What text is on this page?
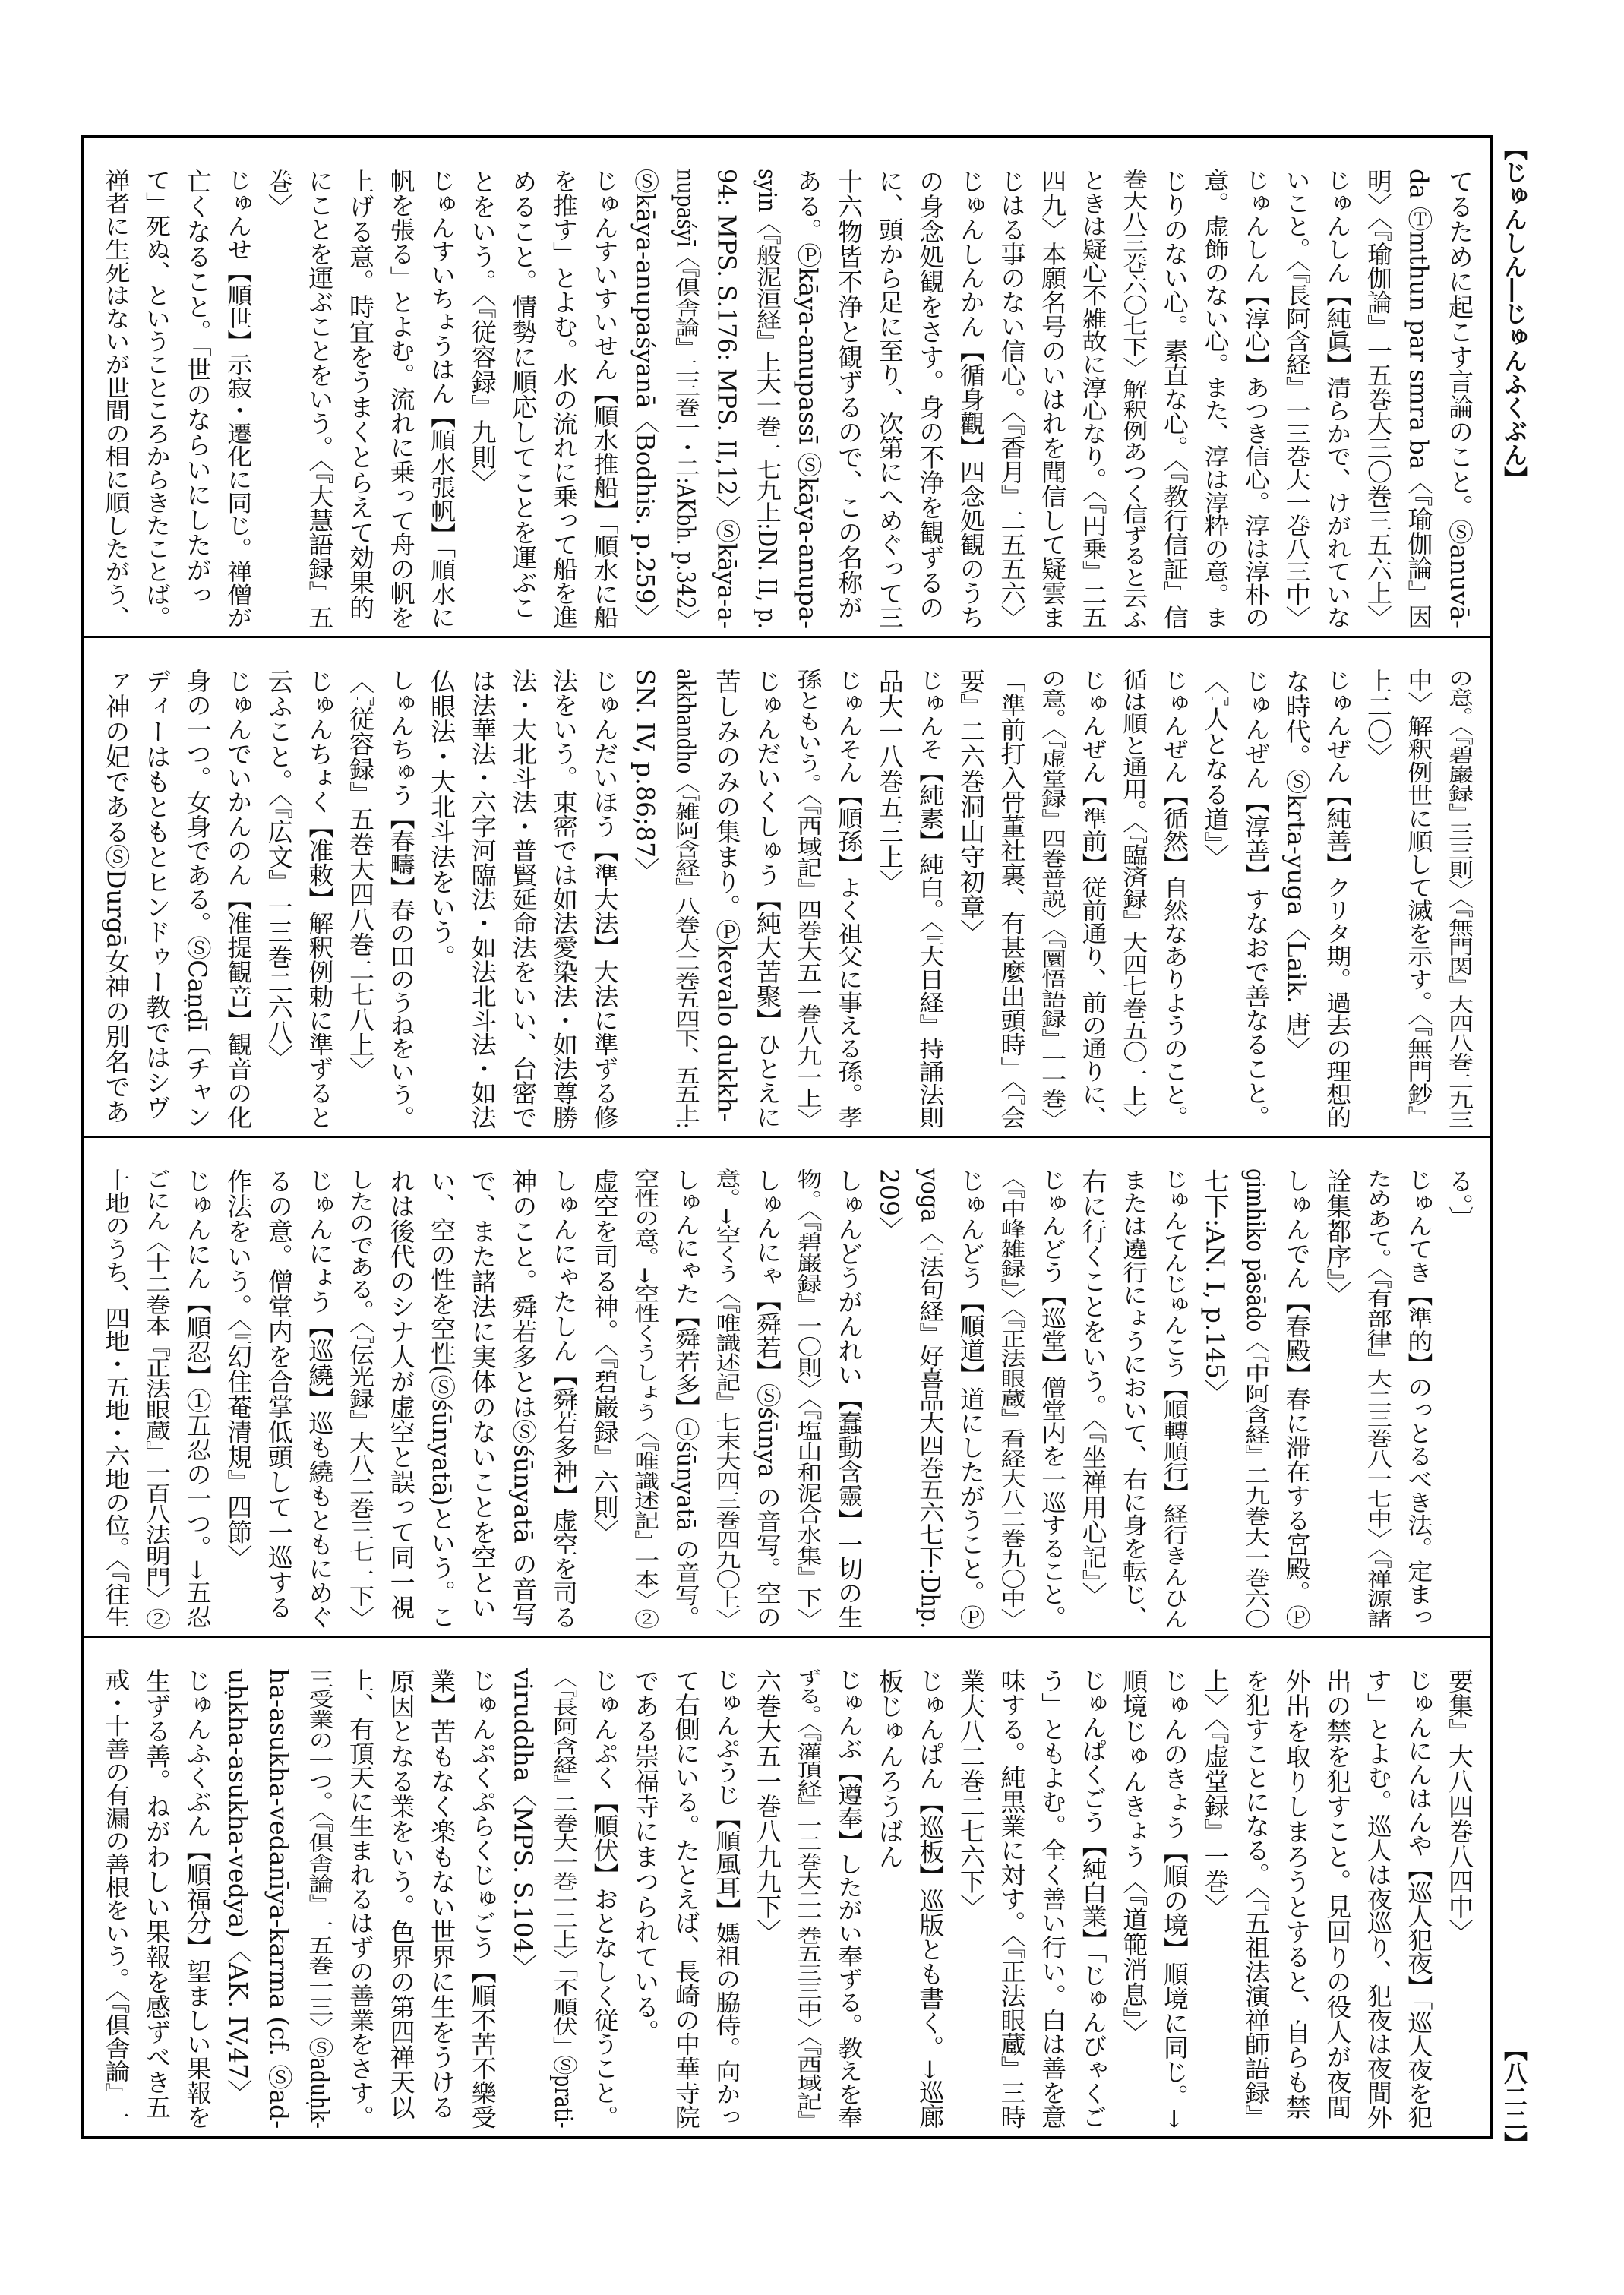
【じゅんしん―じゅんふくぶん】
【八二二】
てるために起こす言論のこと。Ⓢanuvā-
da Ⓣmthun par smra ba〈『瑜伽論』因
明〉〈『瑜伽論』一五巻大三〇巻三五六上〉
じゅんしん【純眞】清らかで、けがれていな
いこと。〈『長阿含経』一三巻大一巻八三中〉
じゅんしん【淳心】あつき信心。淳は淳朴の
意。虚飾のない心。また、淳は淳粋の意。ま
じりのない心。素直な心。〈『教行信証』信
巻大八三巻六〇七下〉解釈例あつく信ずると云ふ
ときは疑心不雑故に淳心なり。〈『円乗』二五
四九〉本願名号のいはれを聞信して疑雲ま
じはる事のない信心。〈『香月』二五五六〉
じゅんしんかん【循身觀】四念処観のうち
の身念処観をさす。身の不浄を観ずるの
に、頭から足に至り、次第にへめぐって三
十六物皆不浄と観ずるので、この名称が
ある。Ⓟkāya-anupassī Ⓢkāya-anupa-
syin〈『般泥洹経』上大一巻一七九上:DN. II, p.
94: MPS. S.176: MPS. II,12〉Ⓢkāya-a-
nupaśyī〈『倶舎論』二三巻一・二:AKbh. p.342〉
Ⓢkāya-anupaśyanā〈Bodhis. p.259〉
じゅんすいすいせん【順水推船】「順水に船
を推す」とよむ。水の流れに乗って船を進
めること。情勢に順応してことを運ぶこ
とをいう。〈『従容録』九則〉
じゅんすいちょうはん【順水張帆】「順水に
帆を張る」とよむ。流れに乗って舟の帆を
上げる意。時宜をうまくとらえて効果的
にことを運ぶことをいう。〈『大慧語録』五
巻〉
じゅんせ【順世】示寂・遷化に同じ。禅僧が
亡くなること。「世のならいにしたがっ
て」死ぬ、ということころからきたことば。
禅者に生死はないが世間の相に順したがう、
の意。〈『碧巌録』三三則〉〈『無門関』大四八巻二九三
中〉解釈例世に順して滅を示す。〈『無門鈔』
上二〇〉
じゅんぜん【純善】クリタ期。過去の理想的
な時代。Ⓢkrta-yuga〈Laik. 唐〉
じゅんぜん【淳善】すなおで善なること。
〈『人となる道』〉
じゅんぜん【循然】自然なありようのこと。
循は順と通用。〈『臨済録』大四七巻五〇一上〉
じゅんぜん【準前】従前通り、前の通りに、
の意。〈『虚堂録』四巻普説〉〈『圜悟語録』一一巻〉
「準前打入骨董社裏、有甚麼出頭時」〈『会
要』二六巻洞山守初章〉
じゅんそ【純素】純白。〈『大日経』持誦法則
品大一八巻五三上〉
じゅんそん【順孫】よく祖父に事える孫。孝
孫ともいう。〈『西域記』四巻大五一巻八九一上〉
じゅんだいくしゅう【純大苦聚】ひとえに
苦しみのみの集まり。Ⓟkevalo dukkh-
akkhandho〈『雑阿含経』八巻大二巻五四下、五五上:
SN. IV, p.86;87〉
じゅんだいほう【準大法】大法に準ずる修
法をいう。東密では如法愛染法・如法尊勝
法・大北斗法・普賢延命法をいい、台密で
は法華法・六字河臨法・如法北斗法・如法
仏眼法・大北斗法をいう。
しゅんちゅう【春疇】春の田のうねをいう。
〈『従容録』五巻大四八巻二七八上〉
じゅんちょく【准敕】解釈例勅に準ずると
云ふこと。〈『広文』一三巻二六八〉
じゅんでいかんのん【准提観音】観音の化
身の一つ。女身である。ⓈCaṇḍī〔チャン
ディーはもともとヒンドゥー教ではシヴ
ァ神の妃であるⓈDurgā女神の別名であ
る。〕
じゅんてき【準的】のっとるべき法。定まっ
ためあて。〈『有部律』大二三巻八一七中〉〈『禅源諸
詮集都序』〉
しゅんでん【春殿】春に滞在する宮殿。Ⓟ
gimhiko pāsādo〈『中阿含経』二九巻大一巻六〇
七下:AN. I, p.145〉
じゅんてんじゅんこう【順轉順行】経行きんひん
または遶行にょうにおいて、右に身を転じ、
右に行くことをいう。〈『坐禅用心記』〉
じゅんどう【巡堂】僧堂内を一巡すること。
〈『中峰雑録』〉〈『正法眼蔵』看経大八二巻九〇中〉
じゅんどう【順道】道にしたがうこと。Ⓟ
yoga〈『法句経』好喜品大四巻五六七下:Dhp.
209〉
しゅんどうがんれい【蠢動含靈】一切の生
物。〈『碧巌録』一〇則〉〈『塩山和泥合水集』下〉
しゅんにゃ【舜若】Ⓢśūnya の音写。空の
意。→空くう〈『唯識述記』七末大四三巻四九〇上〉
しゅんにゃた【舜若多】①śūnyatā の音写。
空性の意。→空性くうしょう〈『唯識述記』一本〉②
虚空を司る神。〈『碧巌録』六則〉
しゅんにゃたしん【舜若多神】虚空を司る
神のこと。舜若多とはⓈśūnyatā の音写
で、また諸法に実体のないことを空とい
い、空の性を空性(Ⓢśūnyatā)という。こ
れは後代のシナ人が虚空と誤って同一視
したのである。〈『伝光録』大八二巻三七一下〉
じゅんにょう【巡繞】巡も繞もともにめぐ
るの意。僧堂内を合掌低頭して一巡する
作法をいう。〈『幻住菴清規』四節〉
じゅんにん【順忍】①五忍の一つ。→五忍
ごにん〈十二巻本『正法眼蔵』一百八法明門〉②
十地のうち、四地・五地・六地の位。〈『往生
要集』大八四巻八四中〉
じゅんにんはんや【巡人犯夜】「巡人夜を犯
す」とよむ。巡人は夜巡り、犯夜は夜間外
出の禁を犯すこと。見回りの役人が夜間
外出を取りしまろうとすると、自らも禁
を犯すことになる。〈『五祖法演禅師語録』
上〉〈『虚堂録』一巻〉
じゅんのきょう【順の境】順境に同じ。→
順境じゅんきょう〈『道範消息』〉
じゅんぱくごう【純白業】「じゅんびゃくご
う」ともよむ。全く善い行い。白は善を意
味する。純黒業に対す。〈『正法眼蔵』三時
業大八二巻二七六下〉
じゅんぱん【巡板】巡版とも書く。→巡廊
板じゅんろうばん
じゅんぶ【遵奉】したがい奉ずる。教えを奉
ずる。〈『灌頂経』一二巻大二一巻五三三中〉〈『西域記』
六巻大五一巻八九九下〉
じゅんぷうじ【順風耳】媽祖の脇侍。向かっ
て右側にいる。たとえば、長崎の中華寺院
である崇福寺にまつられている。
じゅんぷく【順伏】おとなしく従うこと。
〈『長阿含経』二巻大一巻一二上〉「不順伏」Ⓢprati-
viruddha〈MPS. S.104〉
じゅんぷくぷらくじゅごう【順不苦不樂受
業】苦もなく楽もない世界に生をうける
原因となる業をいう。色界の第四禅天以
上、有頂天に生まれるはずの善業をさす。
三受業の一つ。〈『倶舎論』一五巻一三〉Ⓢaduḥk-
ha-asukha-vedanīya-karma (cf. Ⓢad-
uḥkha-asukha-vedya)〈AK. IV,47〉
じゅんふくぶん【順福分】望ましい果報を
生ずる善。ねがわしい果報を感ずべき五
戒・十善の有漏の善根をいう。〈『倶舎論』一
